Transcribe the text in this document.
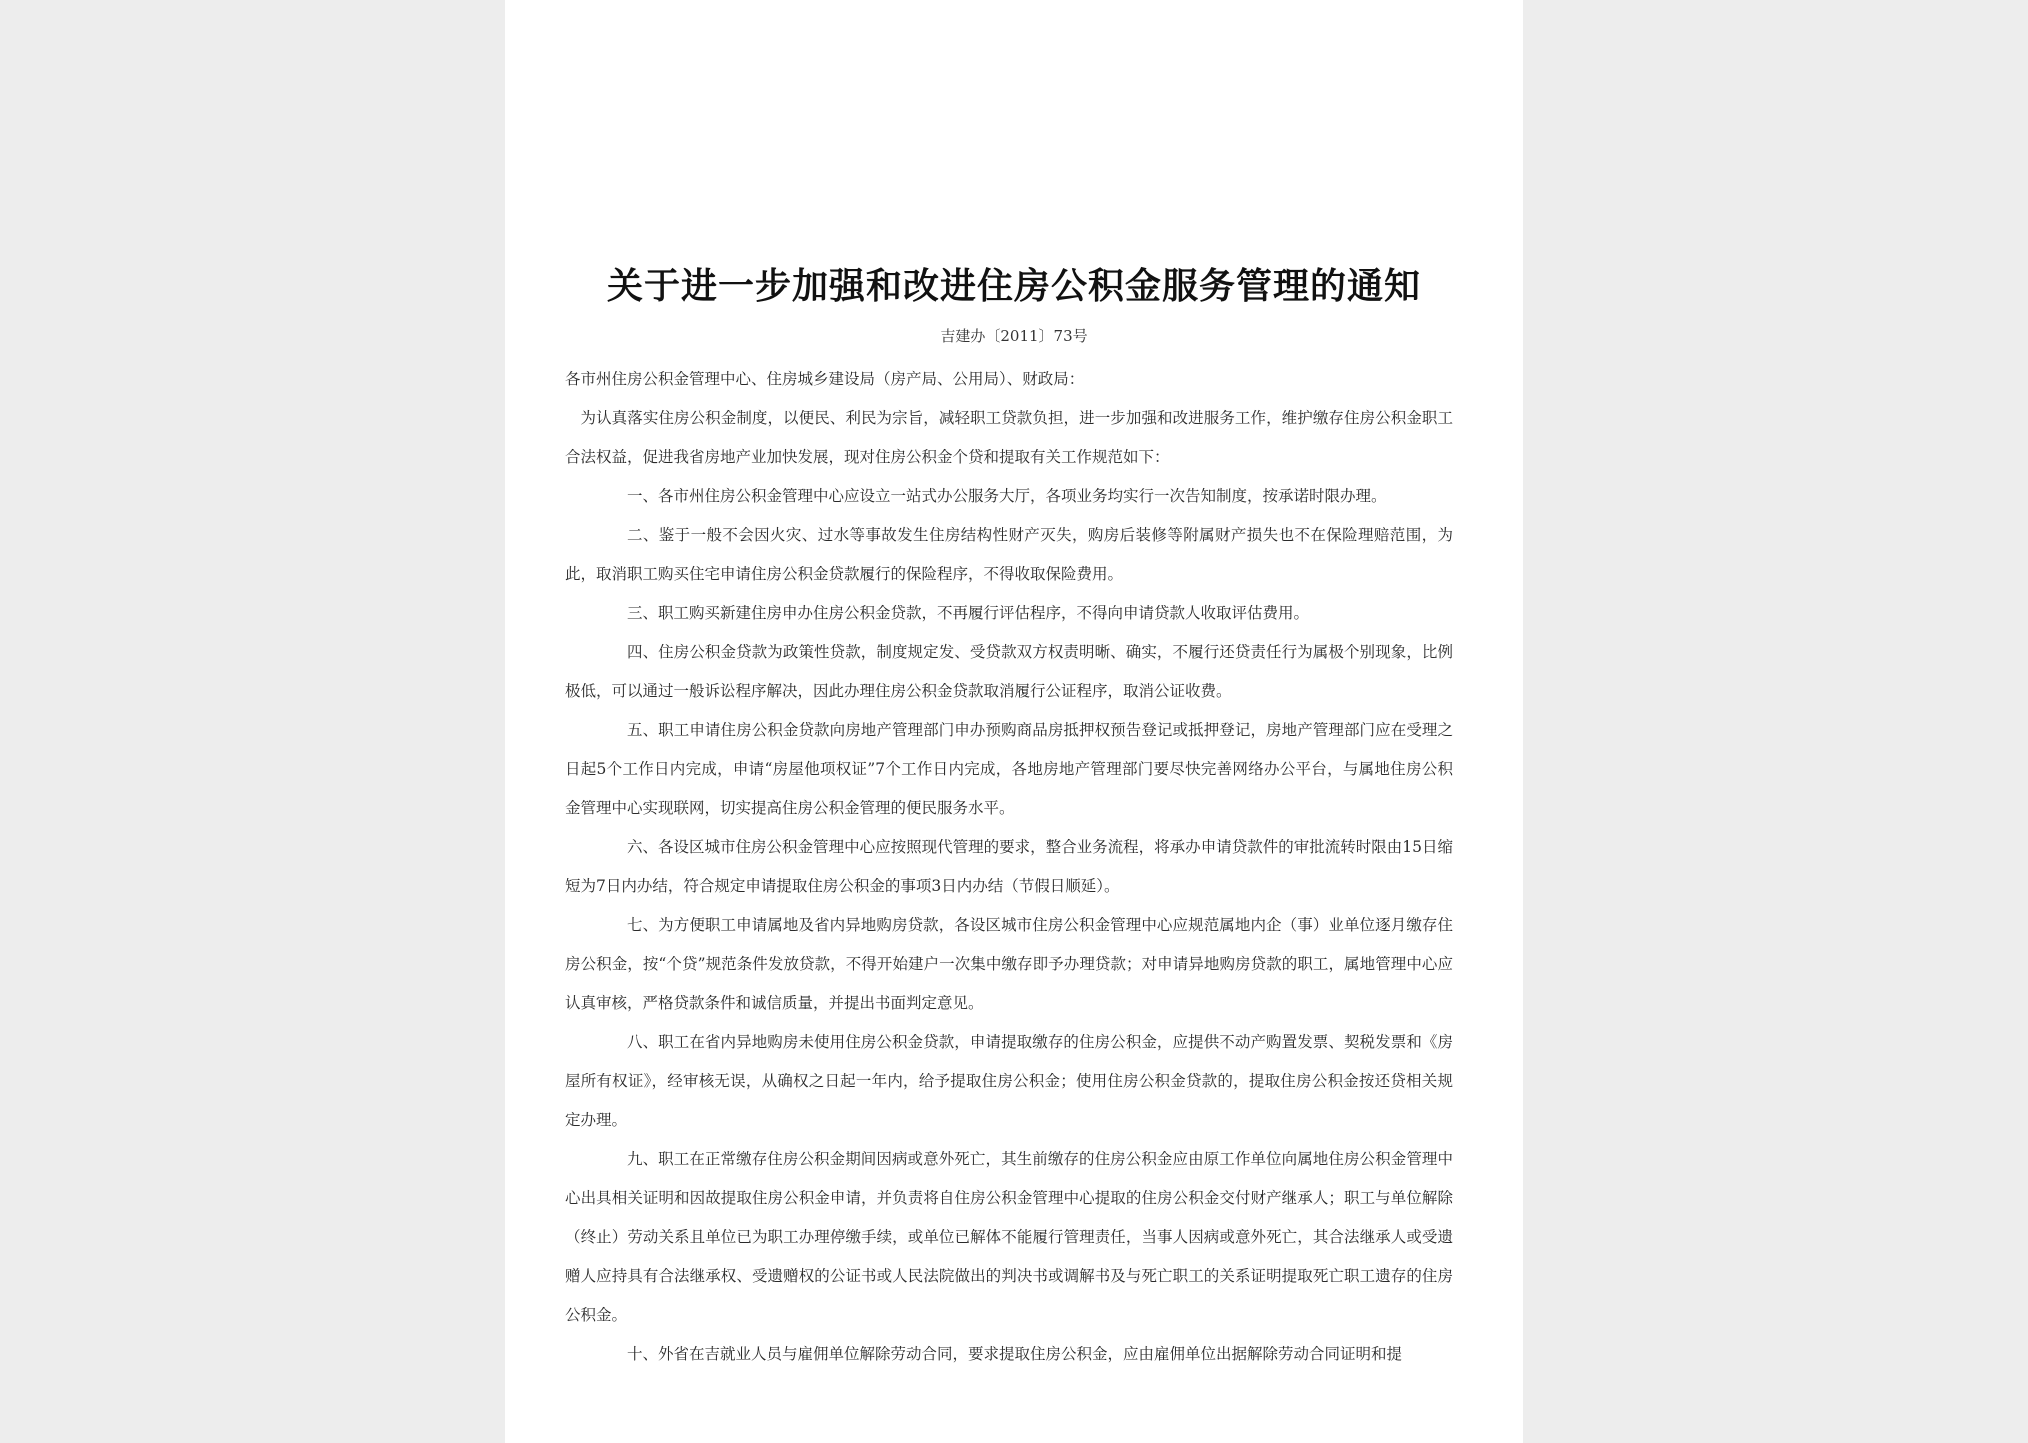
关于进一步加强和改进住房公积金服务管理的通知
吉建办〔2011〕73号

各市州住房公积金管理中心、住房城乡建设局（房产局、公用局）、财政局：

为认真落实住房公积金制度，以便民、利民为宗旨，减轻职工贷款负担，进一步加强和改进服务工作，维护缴存住房公积金职工合法权益，促进我省房地产业加快发展，现对住房公积金个贷和提取有关工作规范如下：

一、各市州住房公积金管理中心应设立一站式办公服务大厅，各项业务均实行一次告知制度，按承诺时限办理。

二、鉴于一般不会因火灾、过水等事故发生住房结构性财产灭失，购房后装修等附属财产损失也不在保险理赔范围，为此，取消职工购买住宅申请住房公积金贷款履行的保险程序，不得收取保险费用。

三、职工购买新建住房申办住房公积金贷款，不再履行评估程序，不得向申请贷款人收取评估费用。

四、住房公积金贷款为政策性贷款，制度规定发、受贷款双方权责明晰、确实，不履行还贷责任行为属极个别现象，比例极低，可以通过一般诉讼程序解决，因此办理住房公积金贷款取消履行公证程序，取消公证收费。

五、职工申请住房公积金贷款向房地产管理部门申办预购商品房抵押权预告登记或抵押登记，房地产管理部门应在受理之日起5个工作日内完成，申请“房屋他项权证”7个工作日内完成，各地房地产管理部门要尽快完善网络办公平台，与属地住房公积金管理中心实现联网，切实提高住房公积金管理的便民服务水平。

六、各设区城市住房公积金管理中心应按照现代管理的要求，整合业务流程，将承办申请贷款件的审批流转时限由15日缩短为7日内办结，符合规定申请提取住房公积金的事项3日内办结（节假日顺延）。

七、为方便职工申请属地及省内异地购房贷款，各设区城市住房公积金管理中心应规范属地内企（事）业单位逐月缴存住房公积金，按“个贷”规范条件发放贷款，不得开始建户一次集中缴存即予办理贷款；对申请异地购房贷款的职工，属地管理中心应认真审核，严格贷款条件和诚信质量，并提出书面判定意见。

八、职工在省内异地购房未使用住房公积金贷款，申请提取缴存的住房公积金，应提供不动产购置发票、契税发票和《房屋所有权证》，经审核无误，从确权之日起一年内，给予提取住房公积金；使用住房公积金贷款的，提取住房公积金按还贷相关规定办理。

九、职工在正常缴存住房公积金期间因病或意外死亡，其生前缴存的住房公积金应由原工作单位向属地住房公积金管理中心出具相关证明和因故提取住房公积金申请，并负责将自住房公积金管理中心提取的住房公积金交付财产继承人；职工与单位解除（终止）劳动关系且单位已为职工办理停缴手续，或单位已解体不能履行管理责任，当事人因病或意外死亡，其合法继承人或受遗赠人应持具有合法继承权、受遗赠权的公证书或人民法院做出的判决书或调解书及与死亡职工的关系证明提取死亡职工遗存的住房公积金。

十、外省在吉就业人员与雇佣单位解除劳动合同，要求提取住房公积金，应由雇佣单位出据解除劳动合同证明和提
